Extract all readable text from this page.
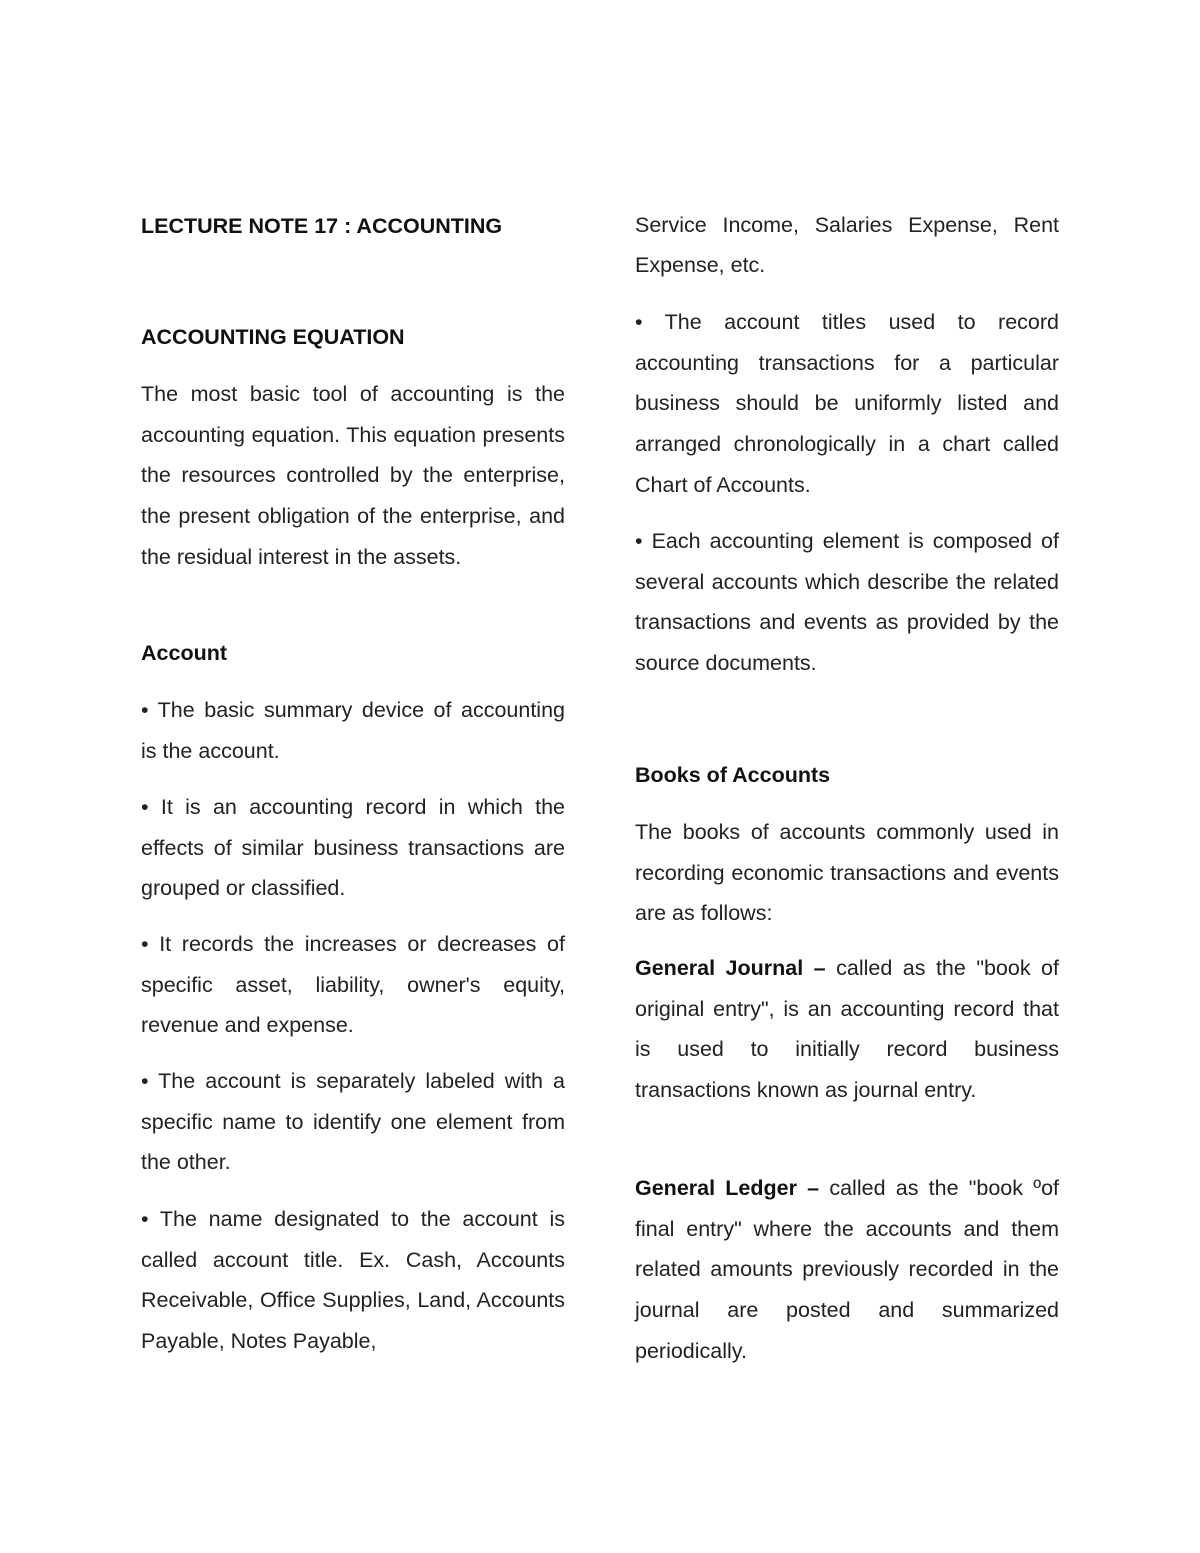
LECTURE NOTE 17 : ACCOUNTING

ACCOUNTING EQUATION

The most basic tool of accounting is the accounting equation. This equation presents the resources controlled by the enterprise, the present obligation of the enterprise, and the residual interest in the assets.

Account

• The basic summary device of accounting is the account.

• It is an accounting record in which the effects of similar business transactions are grouped or classified.

• It records the increases or decreases of specific asset, liability, owner's equity, revenue and expense.

• The account is separately labeled with a specific name to identify one element from the other.

• The name designated to the account is called account title. Ex. Cash, Accounts Receivable, Office Supplies, Land, Accounts Payable, Notes Payable,

Service Income, Salaries Expense, Rent Expense, etc.

• The account titles used to record accounting transactions for a particular business should be uniformly listed and arranged chronologically in a chart called Chart of Accounts.

• Each accounting element is composed of several accounts which describe the related transactions and events as provided by the source documents.

Books of Accounts

The books of accounts commonly used in recording economic transactions and events are as follows:

General Journal – called as the "book of original entry", is an accounting record that is used to initially record business transactions known as journal entry.

General Ledger – called as the "book ºof final entry" where the accounts and them related amounts previously recorded in the journal are posted and summarized periodically.
